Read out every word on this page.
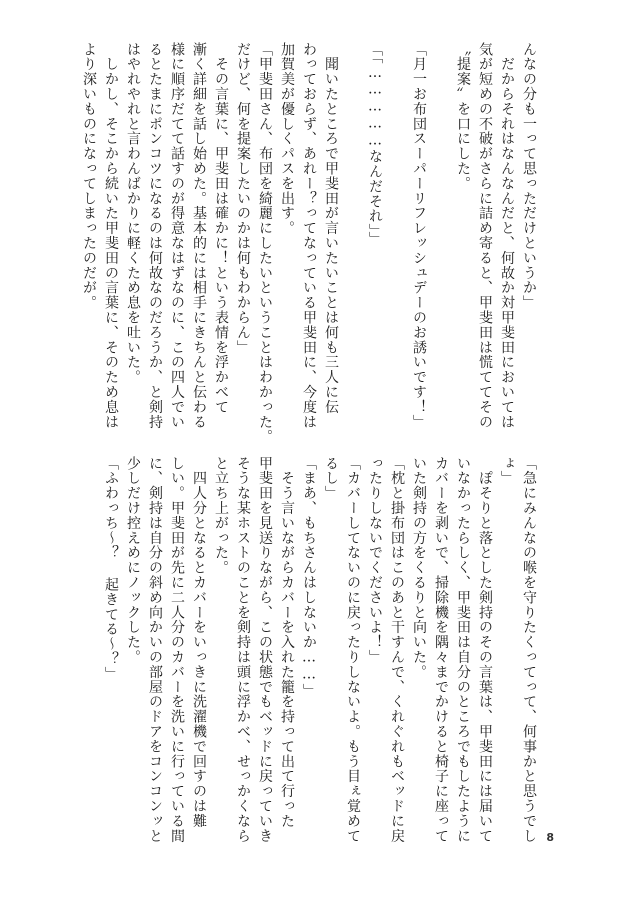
んなの分も一って思っただけというか」
　だからそれはなんなんだと、何故か対甲斐田においては
気が短めの不破がさらに詰め寄ると、甲斐田は慌ててその
〝提案〟を口にした。

「月一お布団スーパーリフレッシュデーのお誘いです！」

「「……………なんだそれ」」

　聞いたところで甲斐田が言いたいことは何も三人に伝
わっておらず、あれー？ってなっている甲斐田に、今度は
加賀美が優しくパスを出す。
「甲斐田さん、布団を綺麗にしたいということはわかった。
だけど、何を提案したいのかは何もわからん」
　その言葉に、甲斐田は確かに！という表情を浮かべて
漸く詳細を話し始めた。基本的には相手にきちんと伝わる
様に順序だてて話すのが得意なはずなのに、この四人でい
るとたまにポンコツになるのは何故なのだろうか、と剣持
はやれやれと言わんばかりに軽くため息を吐いた。
　しかし、そこから続いた甲斐田の言葉に、そのため息は
より深いものになってしまったのだが。
「急にみんなの喉を守りたくってって、何事かと思うでし
ょ」
　ぽそりと落とした剣持のその言葉は、甲斐田には届いて
いなかったらしく、甲斐田は自分のところでもしたように
カバーを剥いで、掃除機を隅々までかけると椅子に座って
いた剣持の方をくるりと向いた。
「枕と掛布団はこのあと干すんで、くれぐれもベッドに戻
ったりしないでくださいよ！」
「カバーしてないのに戻ったりしないよ。もう目ぇ覚めて
るし」
「まあ、もちさんはしないか……」
　そう言いながらカバーを入れた籠を持って出て行った
甲斐田を見送りながら、この状態でもベッドに戻っていき
そうな某ホストのことを剣持は頭に浮かべ、せっかくなら
と立ち上がった。
　四人分となるとカバーをいっきに洗濯機で回すのは難
しい。甲斐田が先に二人分のカバーを洗いに行っている間
に、剣持は自分の斜め向かいの部屋のドアをコンコンッと
少しだけ控えめにノックした。
「ふわっち〜？ 起きてる〜？」
8
